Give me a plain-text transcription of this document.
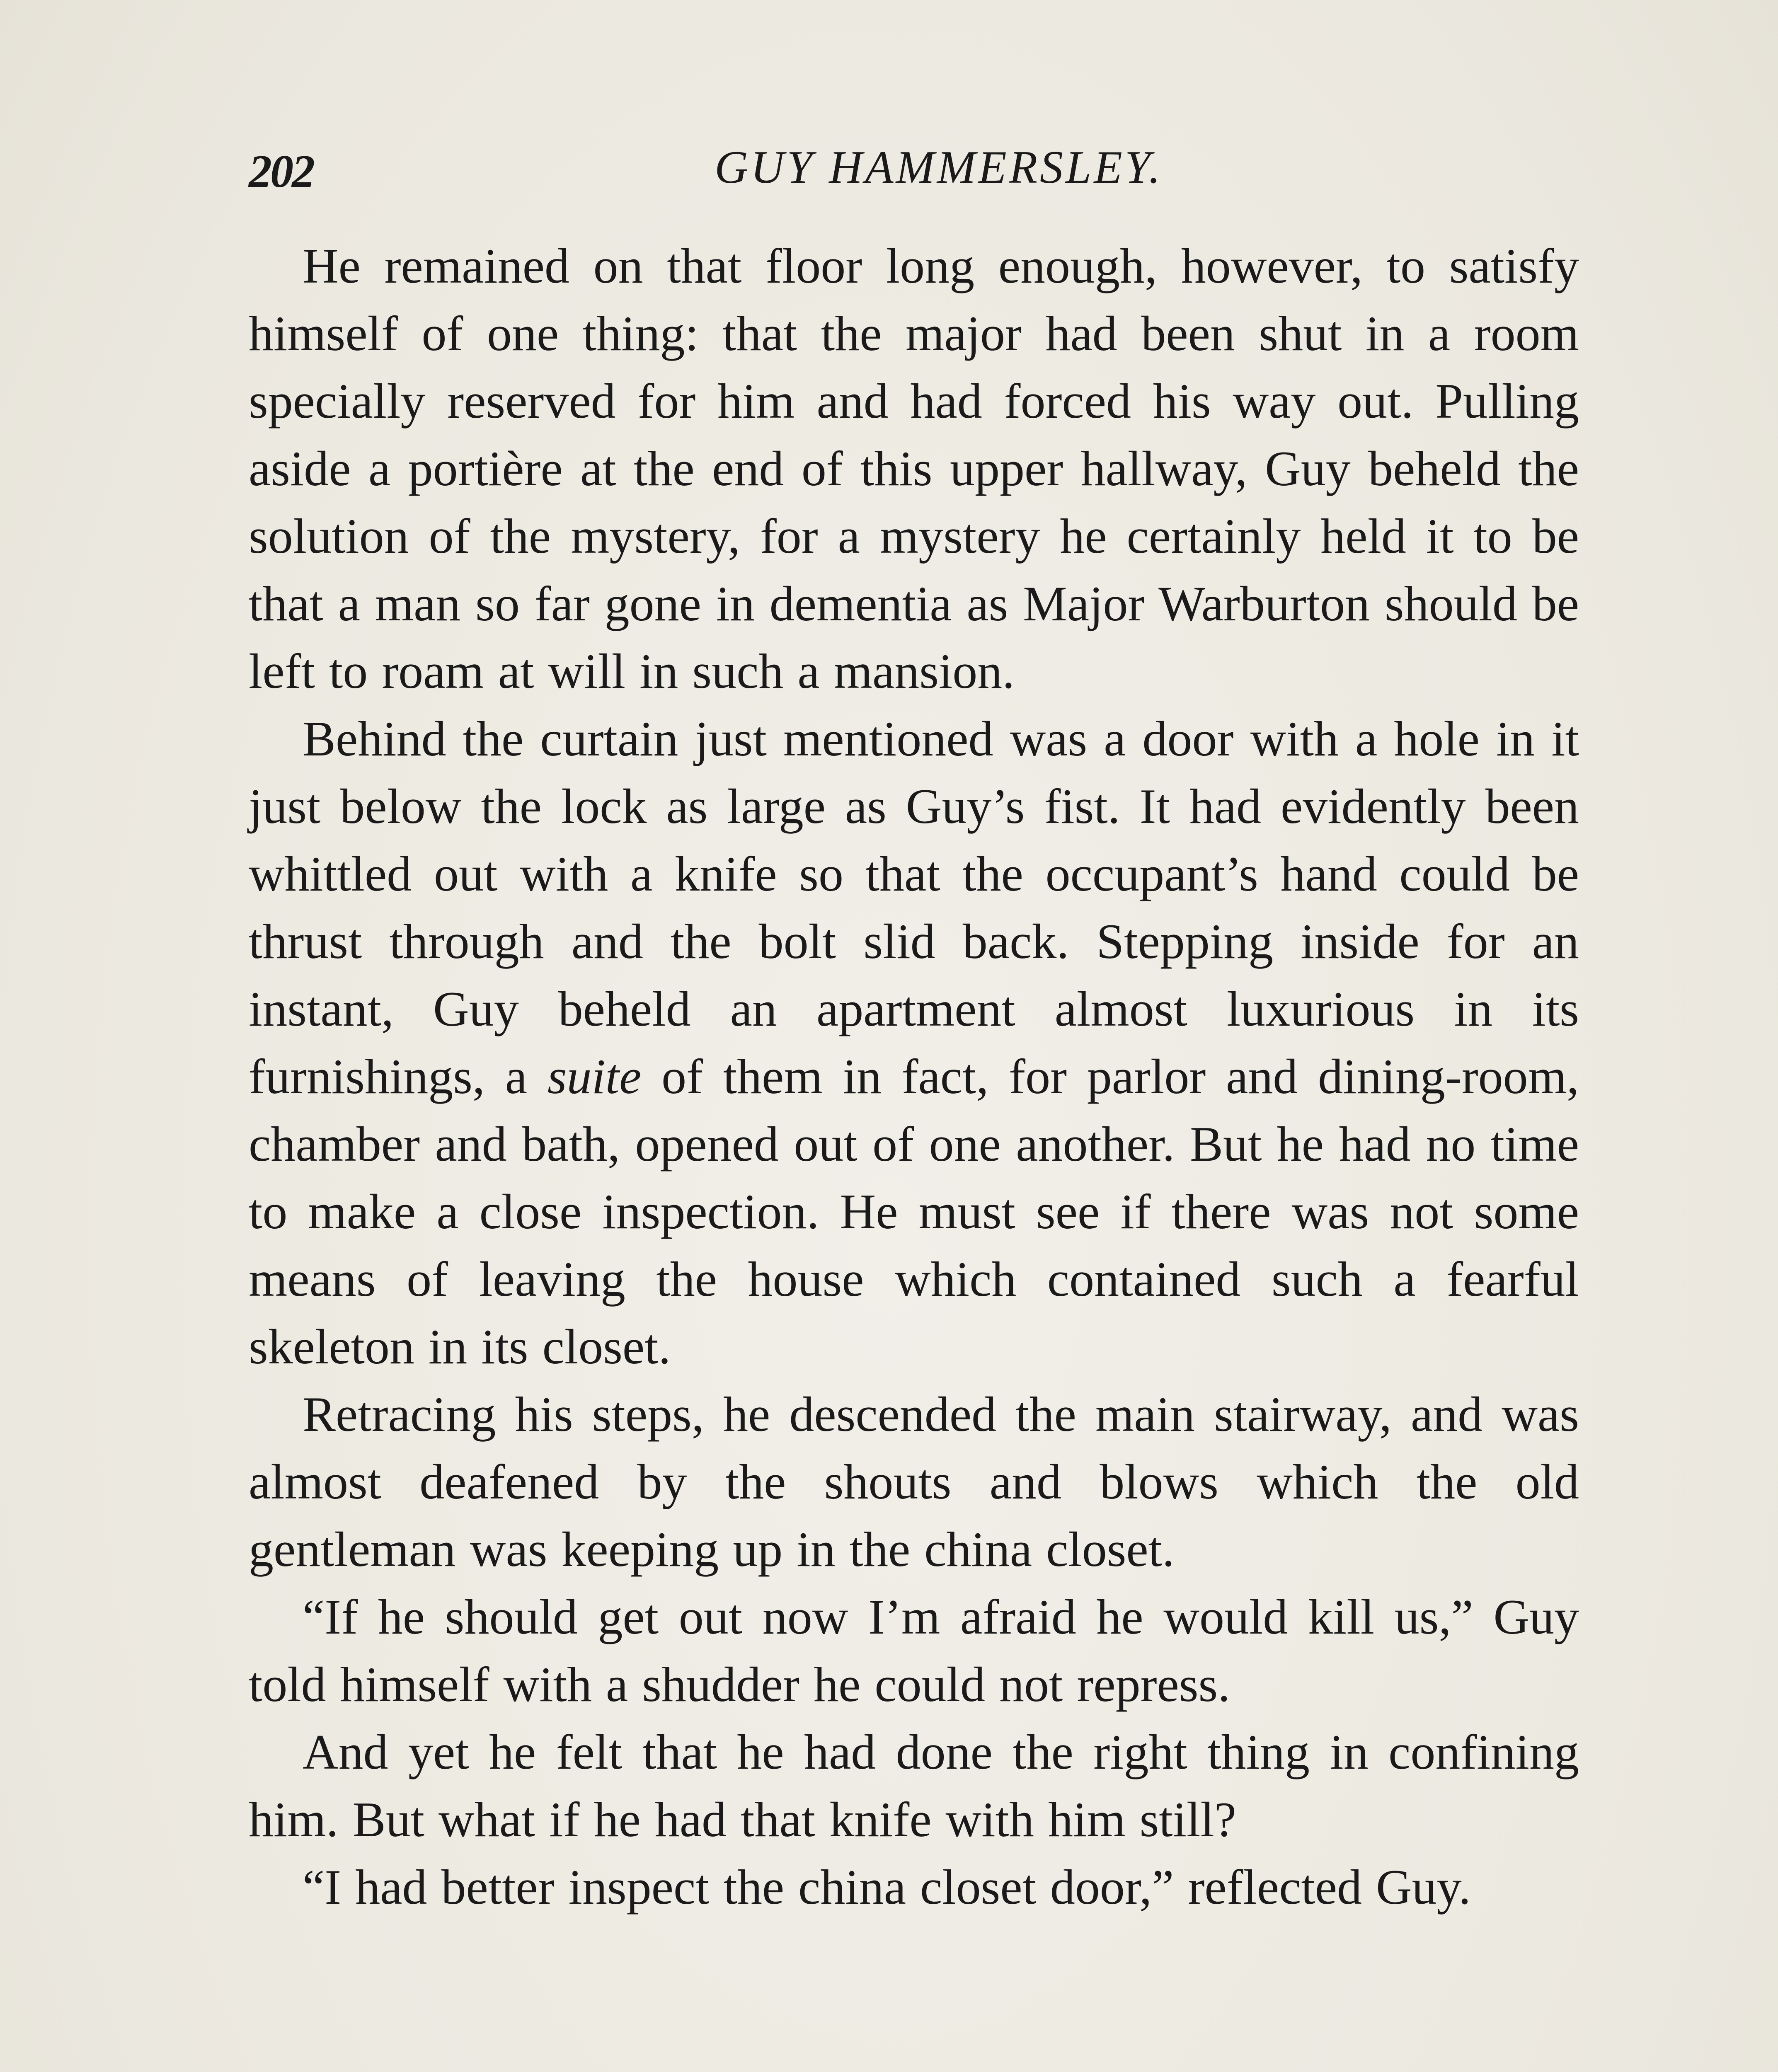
202	GUY HAMMERSLEY.

He remained on that floor long enough, however, to satisfy himself of one thing: that the major had been shut in a room specially reserved for him and had forced his way out. Pulling aside a portière at the end of this upper hallway, Guy beheld the solution of the mystery, for a mystery he certainly held it to be that a man so far gone in dementia as Major Warburton should be left to roam at will in such a mansion.

Behind the curtain just mentioned was a door with a hole in it just below the lock as large as Guy’s fist. It had evidently been whittled out with a knife so that the occupant’s hand could be thrust through and the bolt slid back. Stepping inside for an instant, Guy beheld an apartment almost luxurious in its furnishings, a suite of them in fact, for parlor and dining-room, chamber and bath, opened out of one another. But he had no time to make a close inspection. He must see if there was not some means of leaving the house which contained such a fearful skeleton in its closet.

Retracing his steps, he descended the main stairway, and was almost deafened by the shouts and blows which the old gentleman was keeping up in the china closet.

“If he should get out now I’m afraid he would kill us,” Guy told himself with a shudder he could not repress.

And yet he felt that he had done the right thing in confining him. But what if he had that knife with him still?

“I had better inspect the china closet door,” reflected Guy.
